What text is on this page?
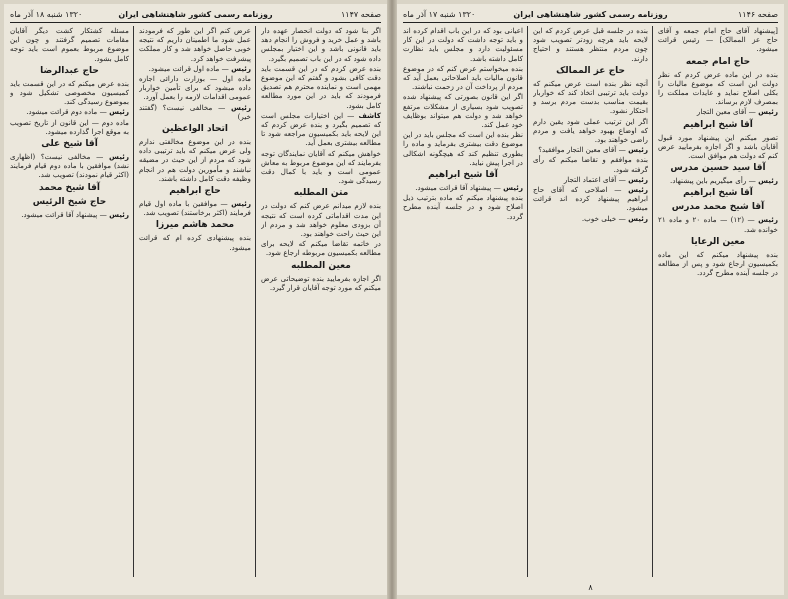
صفحه ۱۱۴۷
روزنامه رسمی کشور شاهنشاهی ایران
۱۳۲۰ شنبه ۱۸ آذر ماه

اگر بنا شود که دولت انحصار عهده دار باشد و عمل خرید و فروش را انجام دهد باید قانونی باشد و این اختیار بمجلس داده شود که در این باب تصمیم بگیرد.

بنده عرض کردم که در این قسمت باید دقت کافی بشود و گفتم که این موضوع مهمی است و نماینده محترم هم تصدیق فرمودند که باید در این مورد مطالعه کامل بشود.

کاشف — این اختیارات مجلس است که تصمیم بگیرد و بنده عرض کردم که این لایحه باید بکمیسیون مراجعه شود تا مطالعه بیشتری بعمل آید.

خواهش میکنم که آقایان نمایندگان توجه بفرمایند که این موضوع مربوط به معاش عمومی است و باید با کمال دقت رسیدگی شود.

متن المطلبه

بنده لازم میدانم عرض کنم که دولت در این مدت اقداماتی کرده است که نتیجه آن بزودی معلوم خواهد شد و مردم از این حیث راحت خواهند بود.

در خاتمه تقاضا میکنم که لایحه برای مطالعه بکمیسیون مربوطه ارجاع شود.

معین المطلبه

اگر اجازه بفرمایید بنده توضیحاتی عرض میکنم که مورد توجه آقایان قرار گیرد.

عرض کنم اگر این طور که فرمودند عمل شود ما اطمینان داریم که نتیجه خوبی حاصل خواهد شد و کار مملکت پیشرفت خواهد کرد.

رئیس — ماده اول قرائت میشود.

ماده اول — بوزارت دارائی اجازه داده میشود که برای تأمین خواربار عمومی اقدامات لازمه را بعمل آورد.

رئیس — مخالفی نیست؟ (گفتند خیر)

اتحاد الواعظین

بنده در این موضوع مخالفتی ندارم ولی عرض میکنم که باید ترتیبی داده شود که مردم از این حیث در مضیقه نباشند و مأمورین دولت هم در انجام وظیفه دقت کامل داشته باشند.

حاج ابراهیم

رئیس — موافقین با ماده اول قیام فرمایند (اکثر برخاستند) تصویب شد.

محمد هاشم میرزا

بنده پیشنهادی کرده ام که قرائت میشود.

مسئله کشتکار کشت دیگر آقایان مقامات تصمیم گرفتند و چون این موضوع مربوط بعموم است باید توجه کامل بشود.

حاج عبدالرضا

بنده عرض میکنم که در این قسمت باید کمیسیون مخصوصی تشکیل شود و بموضوع رسیدگی کند.

رئیس — ماده دوم قرائت میشود.

ماده دوم — این قانون از تاریخ تصویب به موقع اجرا گذارده میشود.

آقا شیخ علی

رئیس — مخالفی نیست؟ (اظهاری نشد) موافقین با ماده دوم قیام فرمایند (اکثر قیام نمودند) تصویب شد.

آقا شیخ محمد

حاج شیخ الرئیس

رئیس — پیشنهاد آقا قرائت میشود.

صفحه ۱۱۴۶
روزنامه رسمی کشور شاهنشاهی ایران
۱۳۲۰ شنبه ۱۷ آذر ماه

[پیشنهاد آقای حاج امام جمعه و آقای حاج عز الممالک] — رئیس قرائت میشود.

حاج امام جمعه

بنده در این ماده عرض کردم که نظر دولت این است که موضوع مالیات را بکلی اصلاح نماید و عایدات مملکت را بمصرف لازم برساند.

رئیس — آقای معین التجار

آقا شیخ ابراهیم

تصور میکنم این پیشنهاد مورد قبول آقایان باشد و اگر اجازه بفرمایید عرض کنم که دولت هم موافق است.

آقا سید حسین مدرس

رئیس — رأی میگیریم باین پیشنهاد.

آقا شیخ ابراهیم

آقا شیخ محمد مدرس

رئیس — (۱۲) — ماده ۲۰ و ماده ۲۱ خوانده شد.

معین الرعایا

بنده پیشنهاد میکنم که این ماده بکمیسیون ارجاع شود و پس از مطالعه در جلسه آینده مطرح گردد.

بنده در جلسه قبل عرض کردم که این لایحه باید هرچه زودتر تصویب شود چون مردم منتظر هستند و احتیاج دارند.

حاج عز الممالک

آنچه نظر بنده است عرض میکنم که دولت باید ترتیبی اتخاذ کند که خواربار بقیمت مناسب بدست مردم برسد و احتکار نشود.

اگر این ترتیب عملی شود یقین دارم که اوضاع بهبود خواهد یافت و مردم راضی خواهند بود.

رئیس — آقای معین التجار موافقید؟

بنده موافقم و تقاضا میکنم که رأی گرفته شود.

رئیس — آقای اعتماد التجار

رئیس — اصلاحی که آقای حاج ابراهیم پیشنهاد کرده اند قرائت میشود.

رئیس — خیلی خوب.

اعیانی بود که در این باب اقدام کرده اند و باید توجه داشت که دولت در این کار مسئولیت دارد و مجلس باید نظارت کامل داشته باشد.

بنده میخواستم عرض کنم که در موضوع قانون مالیات باید اصلاحاتی بعمل آید که مردم از پرداخت آن در زحمت نباشند.

اگر این قانون بصورتی که پیشنهاد شده تصویب شود بسیاری از مشکلات مرتفع خواهد شد و دولت هم میتواند بوظایف خود عمل کند.

نظر بنده این است که مجلس باید در این موضوع دقت بیشتری بفرماید و ماده را بطوری تنظیم کند که هیچگونه اشکالی در اجرا پیش نیاید.

آقا شیخ ابراهیم

رئیس — پیشنهاد آقا قرائت میشود.

بنده پیشنهاد میکنم که ماده بترتیب ذیل اصلاح شود و در جلسه آینده مطرح گردد.

۸
